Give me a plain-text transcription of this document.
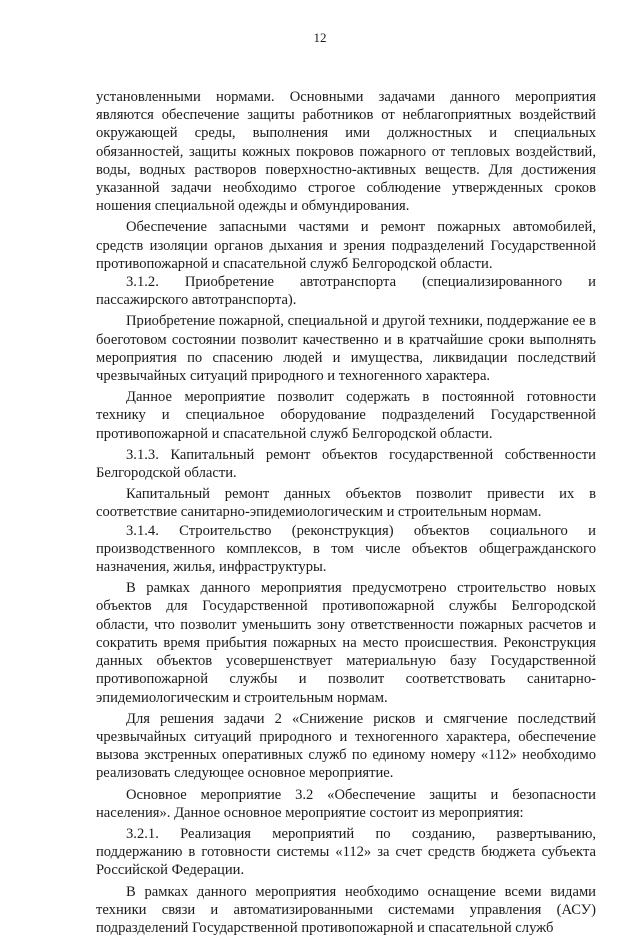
12

установленными нормами. Основными задачами данного мероприятия являются обеспечение защиты работников от неблагоприятных воздействий окружающей среды, выполнения ими должностных и специальных обязанностей, защиты кожных покровов пожарного от тепловых воздействий, воды, водных растворов поверхностно-активных веществ. Для достижения указанной задачи необходимо строгое соблюдение утвержденных сроков ношения специальной одежды и обмундирования.

Обеспечение запасными частями и ремонт пожарных автомобилей, средств изоляции органов дыхания и зрения подразделений Государственной противопожарной и спасательной служб Белгородской области.

3.1.2. Приобретение автотранспорта (специализированного и пассажирского автотранспорта).

Приобретение пожарной, специальной и другой техники, поддержание ее в боеготовом состоянии позволит качественно и в кратчайшие сроки выполнять мероприятия по спасению людей и имущества, ликвидации последствий чрезвычайных ситуаций природного и техногенного характера.

Данное мероприятие позволит содержать в постоянной готовности технику и специальное оборудование подразделений Государственной противопожарной и спасательной служб Белгородской области.

3.1.3. Капитальный ремонт объектов государственной собственности Белгородской области.

Капитальный ремонт данных объектов позволит привести их в соответствие санитарно-эпидемиологическим и строительным нормам.

3.1.4. Строительство (реконструкция) объектов социального и производственного комплексов, в том числе объектов общегражданского назначения, жилья, инфраструктуры.

В рамках данного мероприятия предусмотрено строительство новых объектов для Государственной противопожарной службы Белгородской области, что позволит уменьшить зону ответственности пожарных расчетов и сократить время прибытия пожарных на место происшествия. Реконструкция данных объектов усовершенствует материальную базу Государственной противопожарной службы и позволит соответствовать санитарно-эпидемиологическим и строительным нормам.

Для решения задачи 2 «Снижение рисков и смягчение последствий чрезвычайных ситуаций природного и техногенного характера, обеспечение вызова экстренных оперативных служб по единому номеру «112» необходимо реализовать следующее основное мероприятие.

Основное мероприятие 3.2 «Обеспечение защиты и безопасности населения». Данное основное мероприятие состоит из мероприятия:

3.2.1. Реализация мероприятий по созданию, развертыванию, поддержанию в готовности системы «112» за счет средств бюджета субъекта Российской Федерации.

В рамках данного мероприятия необходимо оснащение всеми видами техники связи и автоматизированными системами управления (АСУ) подразделений Государственной противопожарной и спасательной служб
